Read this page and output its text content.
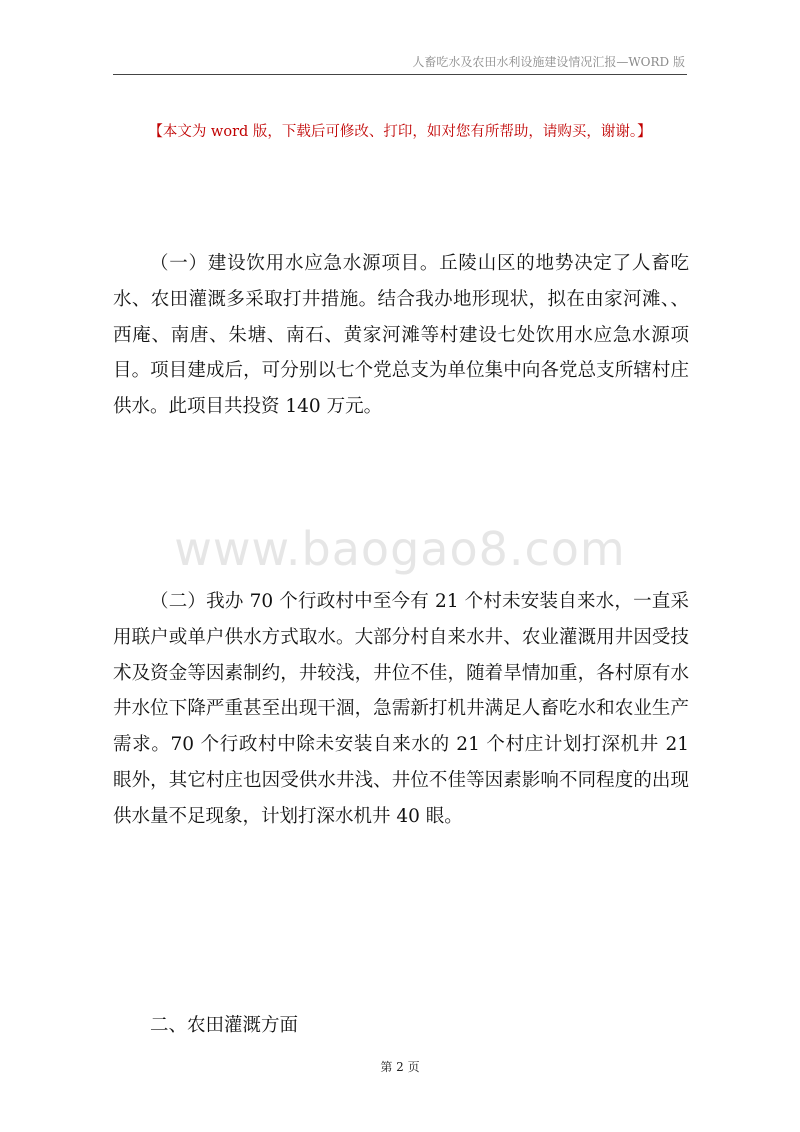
人畜吃水及农田水利设施建设情况汇报—WORD 版
【本文为 word 版，下载后可修改、打印，如对您有所帮助，请购买，谢谢。】

（一）建设饮用水应急水源项目。丘陵山区的地势决定了人畜吃水、农田灌溉多采取打井措施。结合我办地形现状，拟在由家河滩、、西庵、南唐、朱塘、南石、黄家河滩等村建设七处饮用水应急水源项目。项目建成后，可分别以七个党总支为单位集中向各党总支所辖村庄供水。此项目共投资 140 万元。

www.baogao8.com

（二）我办 70 个行政村中至今有 21 个村未安装自来水，一直采用联户或单户供水方式取水。大部分村自来水井、农业灌溉用井因受技术及资金等因素制约，井较浅，井位不佳，随着旱情加重，各村原有水井水位下降严重甚至出现干涸，急需新打机井满足人畜吃水和农业生产需求。70 个行政村中除未安装自来水的 21 个村庄计划打深机井 21 眼外，其它村庄也因受供水井浅、井位不佳等因素影响不同程度的出现供水量不足现象，计划打深水机井 40 眼。

二、农田灌溉方面

第 2 页
